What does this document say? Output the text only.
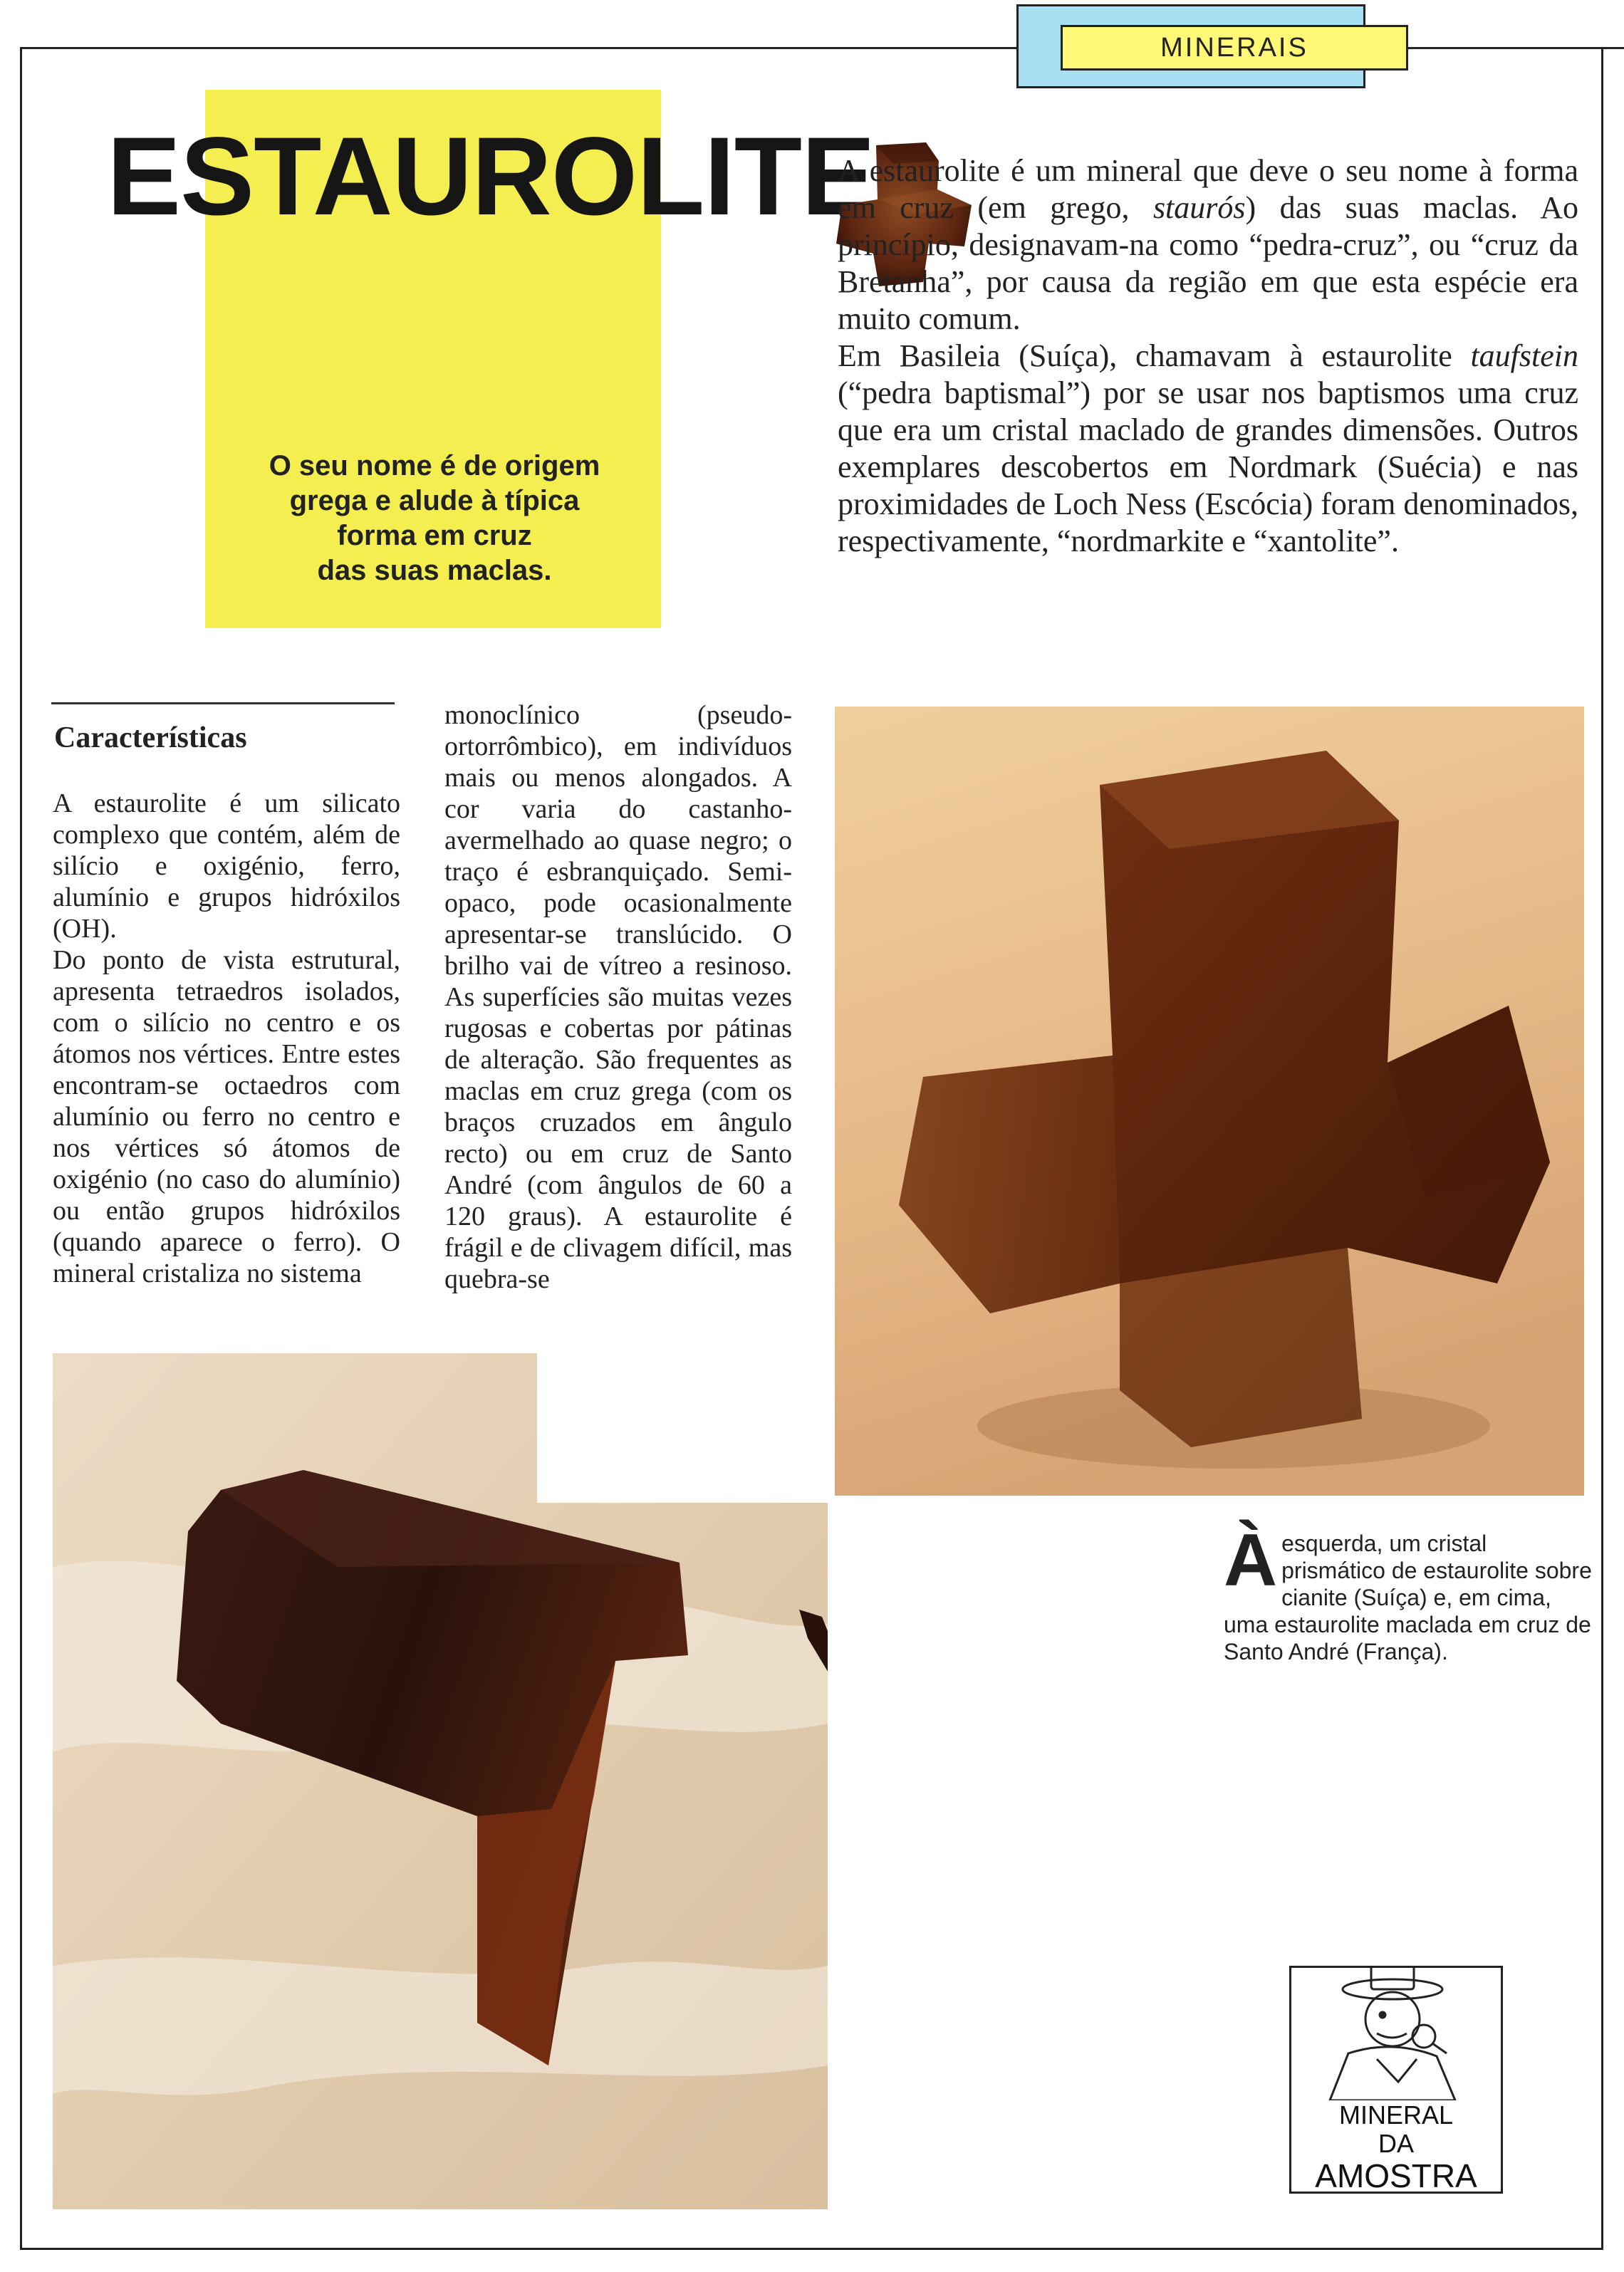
MINERAIS
ESTAUROLITE
O seu nome é de origem
grega e alude à típica
forma em cruz
das suas maclas.

A estaurolite é um mineral que deve o seu nome à forma em cruz (em grego, staurós) das suas maclas. Ao princípio, designavam-na como “pedra-cruz”, ou “cruz da Bretanha”, por causa da região em que esta espécie era muito comum.

Em Basileia (Suíça), chamavam à estaurolite taufstein (“pedra baptismal”) por se usar nos baptismos uma cruz que era um cristal maclado de grandes dimensões. Outros exemplares descobertos em Nordmark (Suécia) e nas proximidades de Loch Ness (Escócia) foram denominados, respectivamente, “nordmarkite e “xantolite”.

Características
A estaurolite é um silicato complexo que contém, além de silício e oxigénio, ferro, alumínio e grupos hidróxilos (OH).
Do ponto de vista estrutural, apresenta tetraedros isolados, com o silício no centro e os átomos nos vértices. Entre estes encontram-se octaedros com alumínio ou ferro no centro e nos vértices só átomos de oxigénio (no caso do alumínio) ou então grupos hidróxilos (quando aparece o ferro). O mineral cristaliza no sistema
monoclínico (pseudo-ortorrômbico), em indivíduos mais ou menos alongados. A cor varia do castanho-avermelhado ao quase negro; o traço é esbranquiçado. Semi-opaco, pode ocasionalmente apresentar-se translúcido. O brilho vai de vítreo a resinoso. As superfícies são muitas vezes rugosas e cobertas por pátinas de alteração. São frequentes as maclas em cruz grega (com os braços cruzados em ângulo recto) ou em cruz de Santo André (com ângulos de 60 a 120 graus). A estaurolite é frágil e de clivagem difícil, mas quebra-se
À esquerda, um cristal prismático de estaurolite sobre cianite (Suíça) e, em cima, uma estaurolite maclada em cruz de Santo André (França).
MINERAL
DA
AMOSTRA
